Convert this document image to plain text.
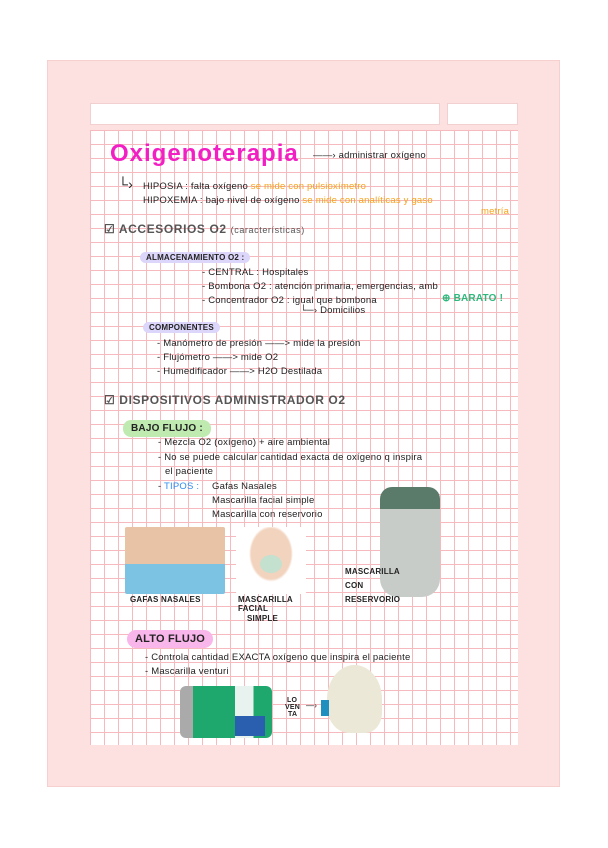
Oxigenoterapia ——› administrar oxígeno
└› HIPOSIA : falta oxígeno se mide con pulsioxímetro
HIPOXEMIA : bajo nivel de oxígeno se mide con analíticas y gaso
metría
☑ ACCESORIOS O2 (características)
ALMACENAMIENTO O2 :
- CENTRAL : Hospitales
- Bombona O2 : atención primaria, emergencias, amb
- Concentrador O2 : igual que bombona	⊕ BARATO !
└─› Domicilios
COMPONENTES
- Manómetro de presión ——> mide la presión
- Flujómetro ——> mide O2
- Humedificador ——> H2O Destilada
☑ DISPOSITIVOS ADMINISTRADOR O2
BAJO FLUJO :
- Mezcla O2 (oxígeno) + aire ambiental
- No se puede calcular cantidad exacta de oxígeno q inspira
el paciente
- TIPOS : Gafas Nasales
Mascarilla facial simple
Mascarilla con reservorio
GAFAS NASALES	MASCARILLA
FACIAL
SIMPLE
MASCARILLA
CON
RESERVORIO
ALTO FLUJO
- Controla cantidad EXACTA oxígeno que inspira el paciente
- Mascarilla venturi
LO
VEN
TA
—›
